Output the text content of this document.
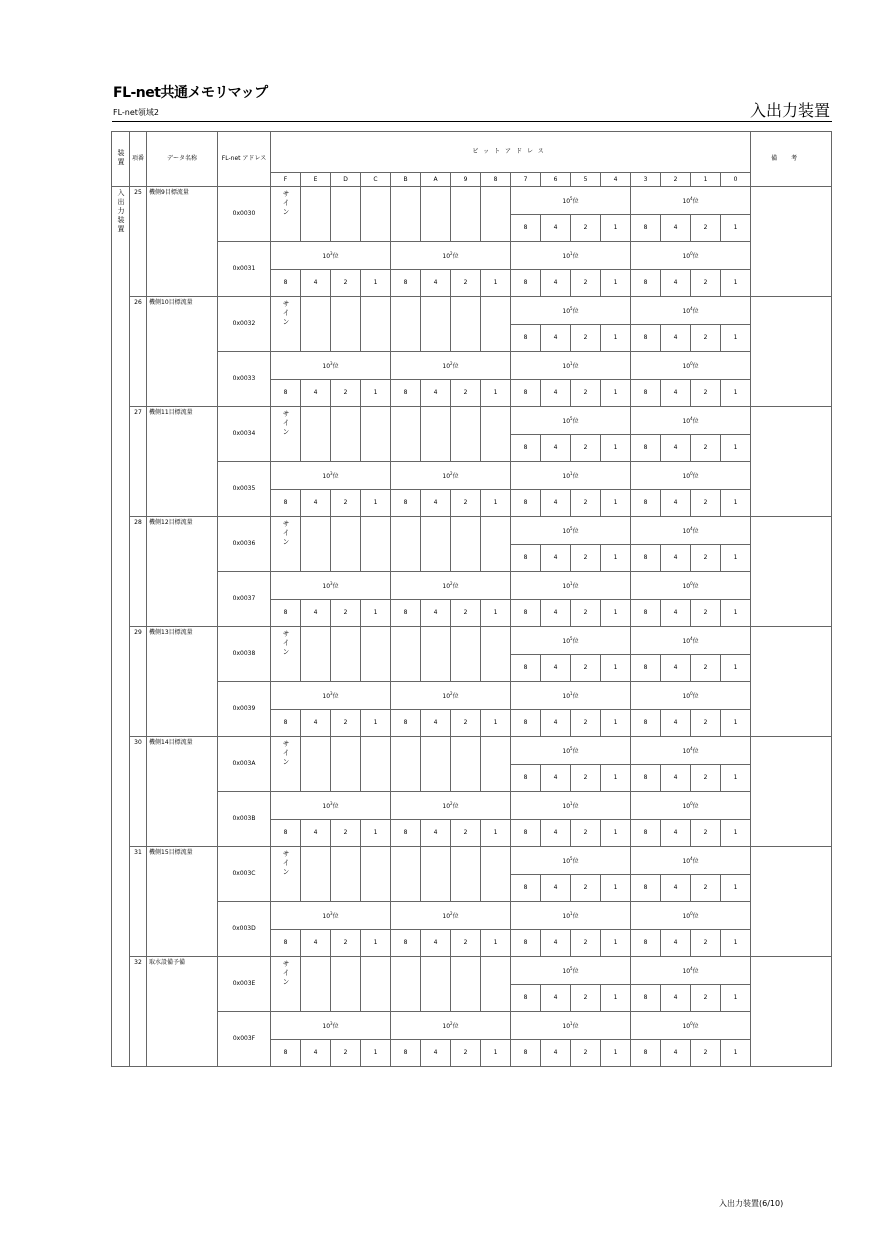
FL-net共通メモリマップ
FL-net領域2	入出力装置
装置	項番	データ名称	FL-net アドレス	ビットアドレス																備考
				F	E	D	C	B	A	9	8	7	6	5	4	3	2	1	0	
入出力装置	25	機側9目標流量	0x0030	サイン								$10^5$位				$10^4$位				
												8	4	2	1	8	4	2	1	
			0x0031	$10^3$位				$10^2$位				$10^1$位				$10^0$位				
				8	4	2	1	8	4	2	1	8	4	2	1	8	4	2	1	
	26	機側10目標流量	0x0032	サイン								$10^5$位				$10^4$位				
												8	4	2	1	8	4	2	1	
			0x0033	$10^3$位				$10^2$位				$10^1$位				$10^0$位				
				8	4	2	1	8	4	2	1	8	4	2	1	8	4	2	1	
	27	機側11目標流量	0x0034	サイン								$10^5$位				$10^4$位				
												8	4	2	1	8	4	2	1	
			0x0035	$10^3$位				$10^2$位				$10^1$位				$10^0$位				
				8	4	2	1	8	4	2	1	8	4	2	1	8	4	2	1	
	28	機側12目標流量	0x0036	サイン								$10^5$位				$10^4$位				
												8	4	2	1	8	4	2	1	
			0x0037	$10^3$位				$10^2$位				$10^1$位				$10^0$位				
				8	4	2	1	8	4	2	1	8	4	2	1	8	4	2	1	
	29	機側13目標流量	0x0038	サイン								$10^5$位				$10^4$位				
												8	4	2	1	8	4	2	1	
			0x0039	$10^3$位				$10^2$位				$10^1$位				$10^0$位				
				8	4	2	1	8	4	2	1	8	4	2	1	8	4	2	1	
	30	機側14目標流量	0x003A	サイン								$10^5$位				$10^4$位				
												8	4	2	1	8	4	2	1	
			0x003B	$10^3$位				$10^2$位				$10^1$位				$10^0$位				
				8	4	2	1	8	4	2	1	8	4	2	1	8	4	2	1	
	31	機側15目標流量	0x003C	サイン								$10^5$位				$10^4$位				
												8	4	2	1	8	4	2	1	
			0x003D	$10^3$位				$10^2$位				$10^1$位				$10^0$位				
				8	4	2	1	8	4	2	1	8	4	2	1	8	4	2	1	
	32	取水設備予備	0x003E	サイン								$10^5$位				$10^4$位				
												8	4	2	1	8	4	2	1	
			0x003F	$10^3$位				$10^2$位				$10^1$位				$10^0$位				
				8	4	2	1	8	4	2	1	8	4	2	1	8	4	2	1	
入出力装置(6/10)
